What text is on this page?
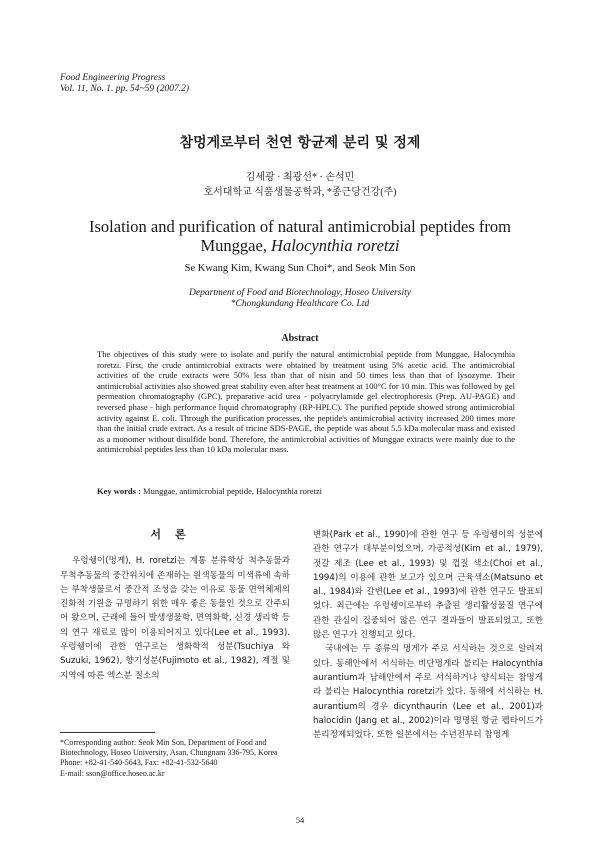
Food Engineering Progress
Vol. 11, No. 1. pp. 54~59 (2007.2)
참멍게로부터 천연 항균제 분리 및 정제
김세광 · 최광선* · 손석민
호서대학교 식품생물공학과, *종근당건강(주)
Isolation and purification of natural antimicrobial peptides from
Munggae, Halocynthia roretzi
Se Kwang Kim, Kwang Sun Choi*, and Seok Min Son
Department of Food and Biotechnology, Hoseo University
*Chongkundang Healthcare Co. Ltd
Abstract

The objectives of this study were to isolate and purify the natural antimicrobial peptide from Munggae, Halocynthia roretzi. First, the crude antimicrobial extracts were obtained by treatment using 5% acetic acid. The antimicrobial activities of the crude extracts were 50% less than that of nisin and 50 times less than that of lysozyme. Their antimicrobial activities also showed great stability even after heat treatment at 100°C for 10 min. This was followed by gel permeation chromatography (GPC), preparative acid urea - polyacrylamide gel electrophoresis (Prep. AU-PAGE) and reversed phase - high performance liquid chromatography (RP-HPLC). The purified peptide showed strong antimicrobial activity against E. coli. Through the purification processes, the peptide's antimicrobial activity increased 200 times more than the initial crude extract. As a result of tricine SDS-PAGE, the peptide was about 5.5 kDa molecular mass and existed as a monomer without disulfide bond. Therefore, the antimicrobial activities of Munggae extracts were mainly due to the antimicrobial peptides less than 10 kDa molecular mass.

Key words : Munggae, antimicrobial peptide, Halocynthia roretzi
서론

우렁쉥이(멍게), H. roretzi는 계통 분류학상 척추동물과 무척추동물의 중간위치에 존재하는 원색동물의 미색류에 속하는 부착생물로서 중간적 조성을 갖는 이유로 동물 면역체제의 진화적 기원을 규명하기 위한 매우 좋은 동물인 것으로 간주되어 왔으며, 근래에 들어 발생생물학, 면역화학, 신경 생리학 등의 연구 재료로 많이 이용되어지고 있다(Lee et al., 1993). 우렁쉥이에 관한 연구로는 생화학적 성분(Tsuchiya 와 Suzuki, 1962), 향기성분(Fujimoto et al., 1982), 계절 및 지역에 따른 엑스분 질소의

변화(Park et al., 1990)에 관한 연구 등 우렁쉥이의 성분에 관한 연구가 대부분이었으며, 가공적성(Kim et al., 1979), 젓갈 제조 (Lee et al., 1993) 및 껍질 색소(Choi et al., 1994)의 이용에 관한 보고가 있으며 근육색소(Matsuno et al., 1984)와 갈변(Lee et al., 1993)에 관한 연구도 발표되었다. 최근에는 우렁쉥이로부터 추출된 생리활성물질 연구에 관한 관심이 집중되어 많은 연구 결과들이 발표되었고, 또한 많은 연구가 진행되고 있다.

국내에는 두 종류의 멍게가 주로 서식하는 것으로 알려져 있다. 동해안에서 서식하는 비단멍게라 불리는 Halocynthia aurantium과 남해안에서 주로 서식하거나 양식되는 참멍게라 불리는 Halocynthia roretzi가 있다. 동해에 서식하는 H. aurantium의 경우 dicynthaurin (Lee et al., 2001)과 halocidin (Jang et al., 2002)이라 명명된 항균 펩타이드가 분리정제되었다. 또한 일본에서는 수년전부터 참멍게

*Corresponding author: Seok Min Son, Department of Food and Biotechnology, Hoseo University, Asan, Chungnam 336-795, Korea
Phone: +82-41-540-5643, Fax: +82-41-532-5640
E-mail: sson@office.hoseo.ac.kr
54
